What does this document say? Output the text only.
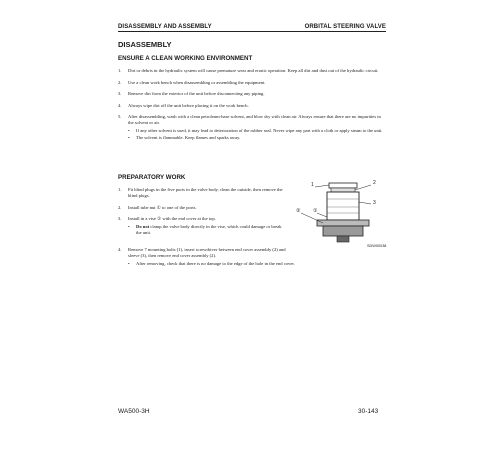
DISASSEMBLY AND ASSEMBLY	ORBITAL STEERING VALVE
DISASSEMBLY
ENSURE A CLEAN WORKING ENVIRONMENT
1.	Dirt or debris in the hydraulic system will cause premature wear and erratic operation. Keep all dirt and dust out of the hydraulic circuit.
2.	Use a clean work bench when disassembling or assembling the equipment.
3.	Remove dirt from the exterior of the unit before disconnecting any piping.
4.	Always wipe dirt off the unit before placing it on the work bench.
5.	After disassembling, wash with a clean petroleum-base solvent, and blow dry with clean air. Always ensure that there are no impurities in the solvent or air.
•	If any other solvent is used, it may lead to deterioration of the rubber seal. Never wipe any part with a cloth or apply steam to the unit.
•	The solvent is flammable. Keep flames and sparks away.
PREPARATORY WORK
1.	Fit blind plugs in the five ports in the valve body, clean the outside, then remove the blind plugs.
2.	Install tube nut ① to one of the ports.
3.	Install in a vise ② with the end cover at the top.
•	Do not clamp the valve body directly in the vise, which could damage or break the unit.
4.	Remove 7 mounting bolts (1), insert screwdriver between end cover assembly (2) and sleeve (3), then remove end cover assembly (2).
•	After removing, check that there is no damage to the edge of the hole in the end cover.
1	2
3
②	①
SDW00038
WA500-3H	30-143
